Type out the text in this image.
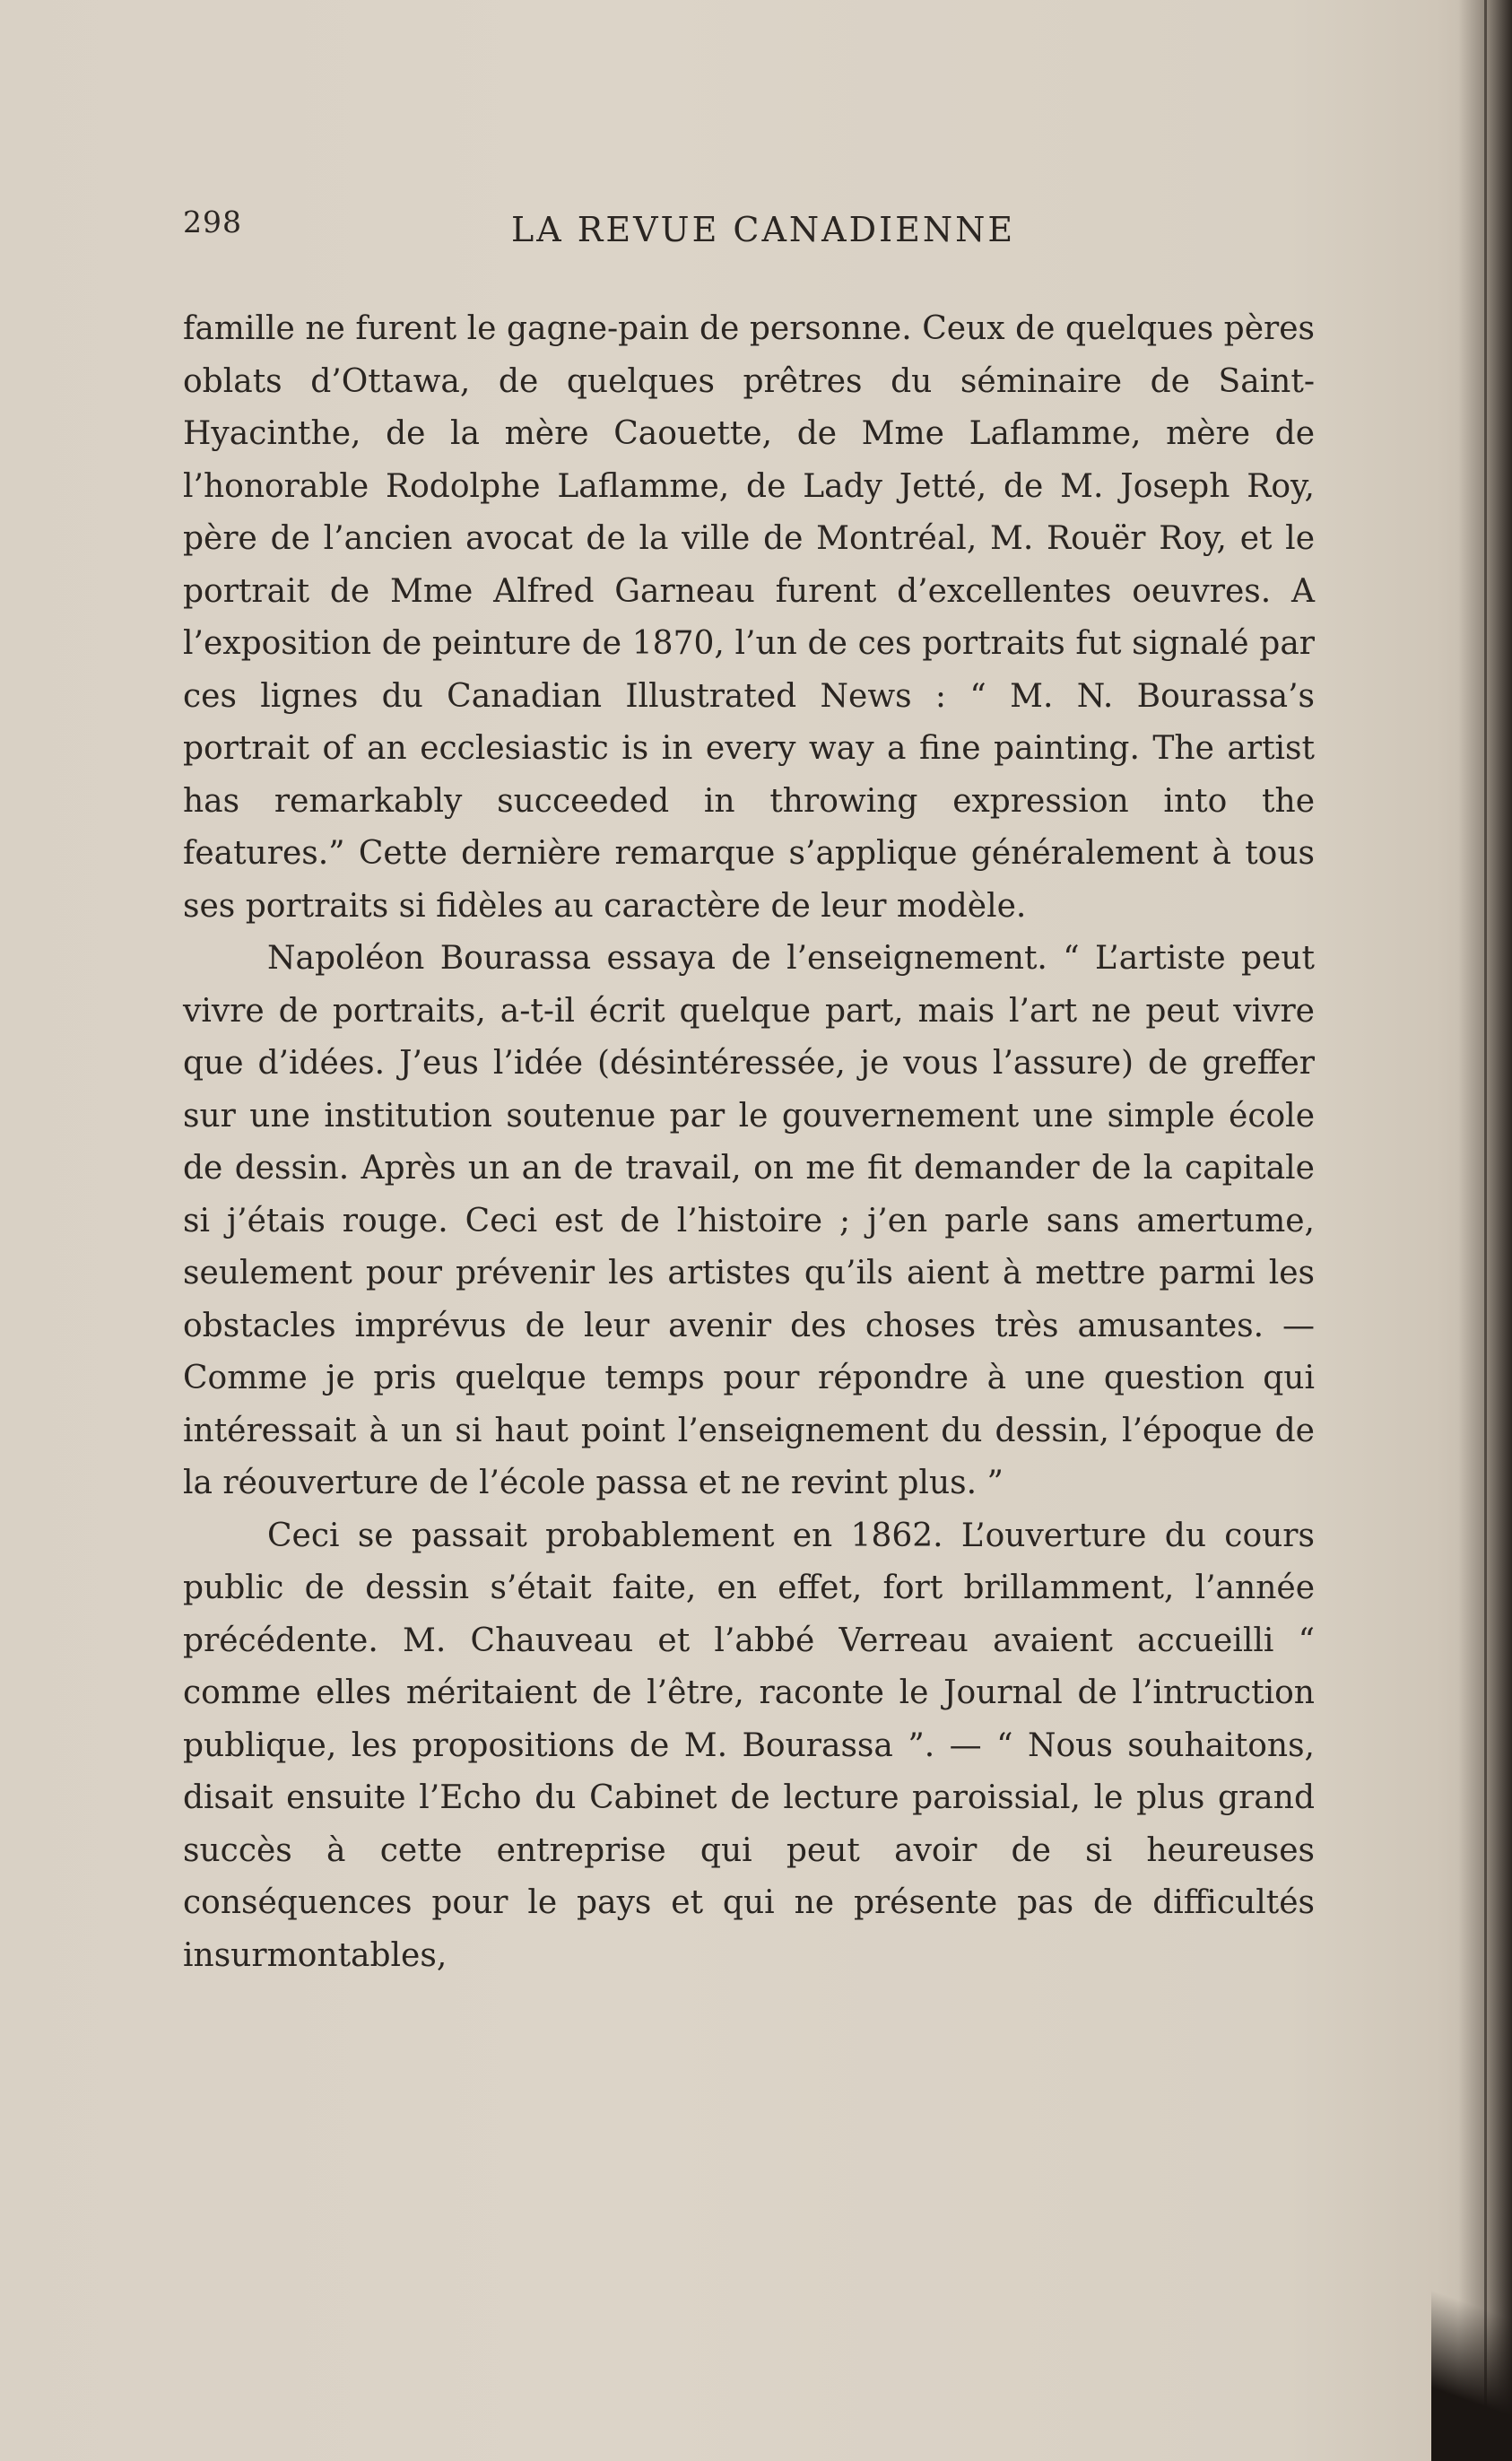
298	LA REVUE CANADIENNE

famille ne furent le gagne-pain de personne. Ceux de quelques pères oblats d’Ottawa, de quelques prêtres du séminaire de Saint-Hyacinthe, de la mère Caouette, de Mme Laflamme, mère de l’honorable Rodolphe Laflamme, de Lady Jetté, de M. Joseph Roy, père de l’ancien avocat de la ville de Montréal, M. Rouër Roy, et le portrait de Mme Alfred Garneau furent d’excellentes oeuvres. A l’exposition de peinture de 1870, l’un de ces portraits fut signalé par ces lignes du Canadian Illustrated News : “ M. N. Bourassa’s portrait of an ecclesiastic is in every way a fine painting. The artist has remarkably succeeded in throwing expression into the features.” Cette dernière remarque s’applique généralement à tous ses portraits si fidèles au caractère de leur modèle.

Napoléon Bourassa essaya de l’enseignement. “ L’artiste peut vivre de portraits, a-t-il écrit quelque part, mais l’art ne peut vivre que d’idées. J’eus l’idée (désintéressée, je vous l’assure) de greffer sur une institution soutenue par le gouvernement une simple école de dessin. Après un an de travail, on me fit demander de la capitale si j’étais rouge. Ceci est de l’histoire ; j’en parle sans amertume, seulement pour prévenir les artistes qu’ils aient à mettre parmi les obstacles imprévus de leur avenir des choses très amusantes. — Comme je pris quelque temps pour répondre à une question qui intéressait à un si haut point l’enseignement du dessin, l’époque de la réouverture de l’école passa et ne revint plus. ”

Ceci se passait probablement en 1862. L’ouverture du cours public de dessin s’était faite, en effet, fort brillamment, l’année précédente. M. Chauveau et l’abbé Verreau avaient accueilli “ comme elles méritaient de l’être, raconte le Journal de l’intruction publique, les propositions de M. Bourassa ”. — “ Nous souhaitons, disait ensuite l’Echo du Cabinet de lecture paroissial, le plus grand succès à cette entreprise qui peut avoir de si heureuses conséquences pour le pays et qui ne présente pas de difficultés insurmontables,
